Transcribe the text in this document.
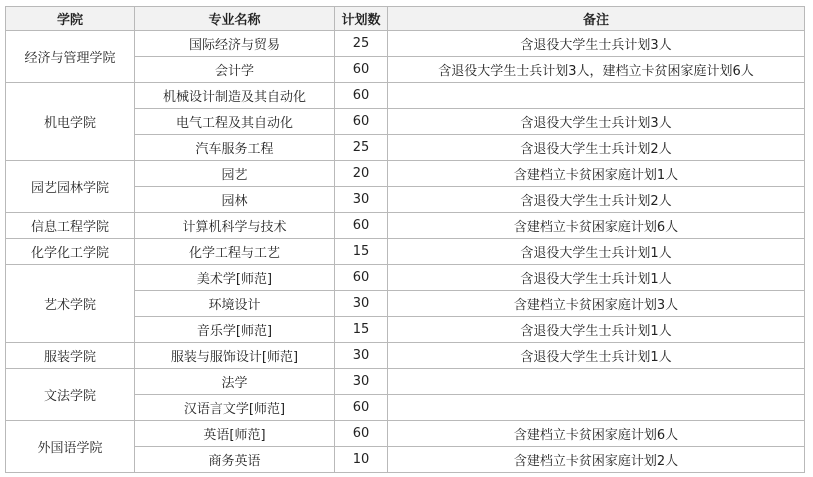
学院	专业名称	计划数	备注
经济与管理学院	国际经济与贸易	25	含退役大学生士兵计划3人
	会计学	60	含退役大学生士兵计划3人，建档立卡贫困家庭计划6人
机电学院	机械设计制造及其自动化	60	
	电气工程及其自动化	60	含退役大学生士兵计划3人
	汽车服务工程	25	含退役大学生士兵计划2人
园艺园林学院	园艺	20	含建档立卡贫困家庭计划1人
	园林	30	含退役大学生士兵计划2人
信息工程学院	计算机科学与技术	60	含建档立卡贫困家庭计划6人
化学化工学院	化学工程与工艺	15	含退役大学生士兵计划1人
艺术学院	美术学[师范]	60	含退役大学生士兵计划1人
	环境设计	30	含建档立卡贫困家庭计划3人
	音乐学[师范]	15	含退役大学生士兵计划1人
服装学院	服装与服饰设计[师范]	30	含退役大学生士兵计划1人
文法学院	法学	30	
	汉语言文学[师范]	60	
外国语学院	英语[师范]	60	含建档立卡贫困家庭计划6人
	商务英语	10	含建档立卡贫困家庭计划2人
